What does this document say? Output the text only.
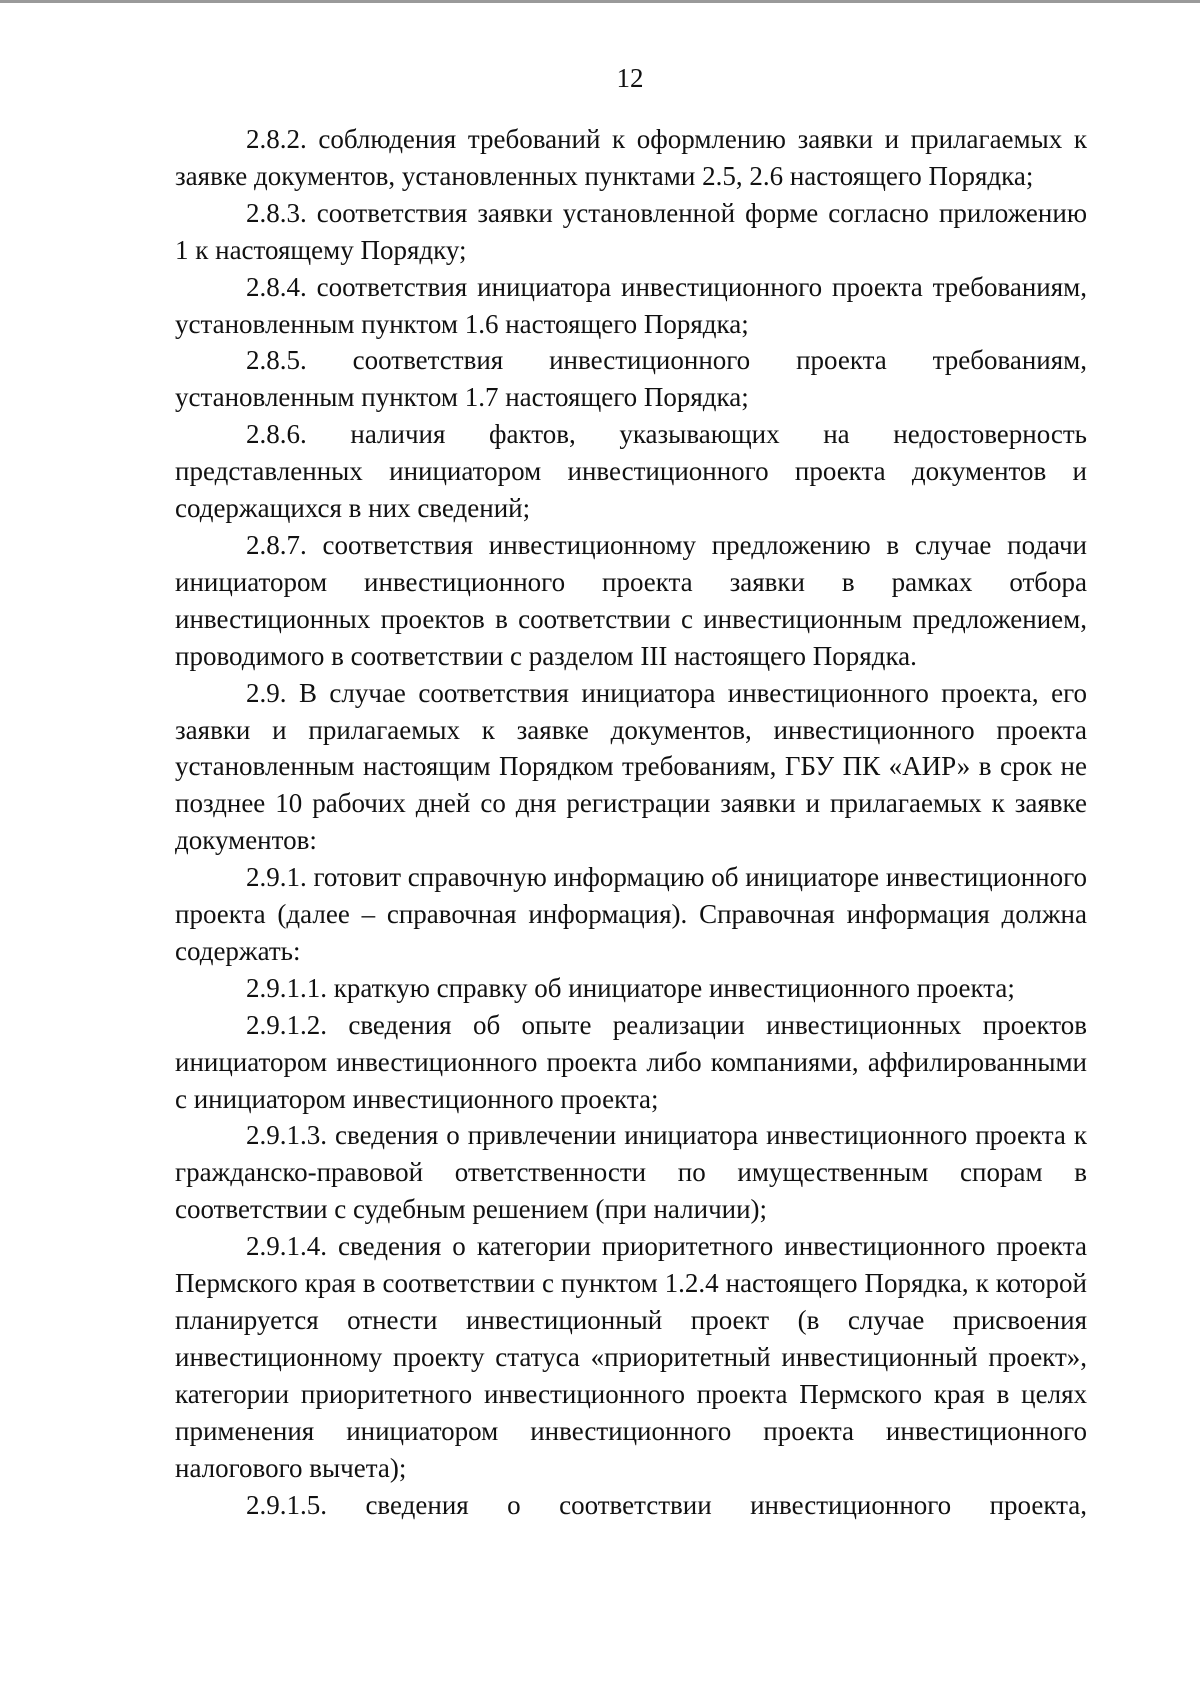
12

2.8.2. соблюдения требований к оформлению заявки и прилагаемых к заявке документов, установленных пунктами 2.5, 2.6 настоящего Порядка;

2.8.3. соответствия заявки установленной форме согласно приложению 1 к настоящему Порядку;

2.8.4. соответствия инициатора инвестиционного проекта требованиям, установленным пунктом 1.6 настоящего Порядка;

2.8.5. соответствия инвестиционного проекта требованиям, установленным пунктом 1.7 настоящего Порядка;

2.8.6. наличия фактов, указывающих на недостоверность представленных инициатором инвестиционного проекта документов и содержащихся в них сведений;

2.8.7. соответствия инвестиционному предложению в случае подачи инициатором инвестиционного проекта заявки в рамках отбора инвестиционных проектов в соответствии с инвестиционным предложением, проводимого в соответствии с разделом III настоящего Порядка.

2.9. В случае соответствия инициатора инвестиционного проекта, его заявки и прилагаемых к заявке документов, инвестиционного проекта установленным настоящим Порядком требованиям, ГБУ ПК «АИР» в срок не позднее 10 рабочих дней со дня регистрации заявки и прилагаемых к заявке документов:

2.9.1. готовит справочную информацию об инициаторе инвестиционного проекта (далее – справочная информация). Справочная информация должна содержать:

2.9.1.1. краткую справку об инициаторе инвестиционного проекта;

2.9.1.2. сведения об опыте реализации инвестиционных проектов инициатором инвестиционного проекта либо компаниями, аффилированными с инициатором инвестиционного проекта;

2.9.1.3. сведения о привлечении инициатора инвестиционного проекта к гражданско-правовой ответственности по имущественным спорам в соответствии с судебным решением (при наличии);

2.9.1.4. сведения о категории приоритетного инвестиционного проекта Пермского края в соответствии с пунктом 1.2.4 настоящего Порядка, к которой планируется отнести инвестиционный проект (в случае присвоения инвестиционному проекту статуса «приоритетный инвестиционный проект», категории приоритетного инвестиционного проекта Пермского края в целях применения инициатором инвестиционного проекта инвестиционного налогового вычета);

2.9.1.5. сведения о соответствии инвестиционного проекта,
